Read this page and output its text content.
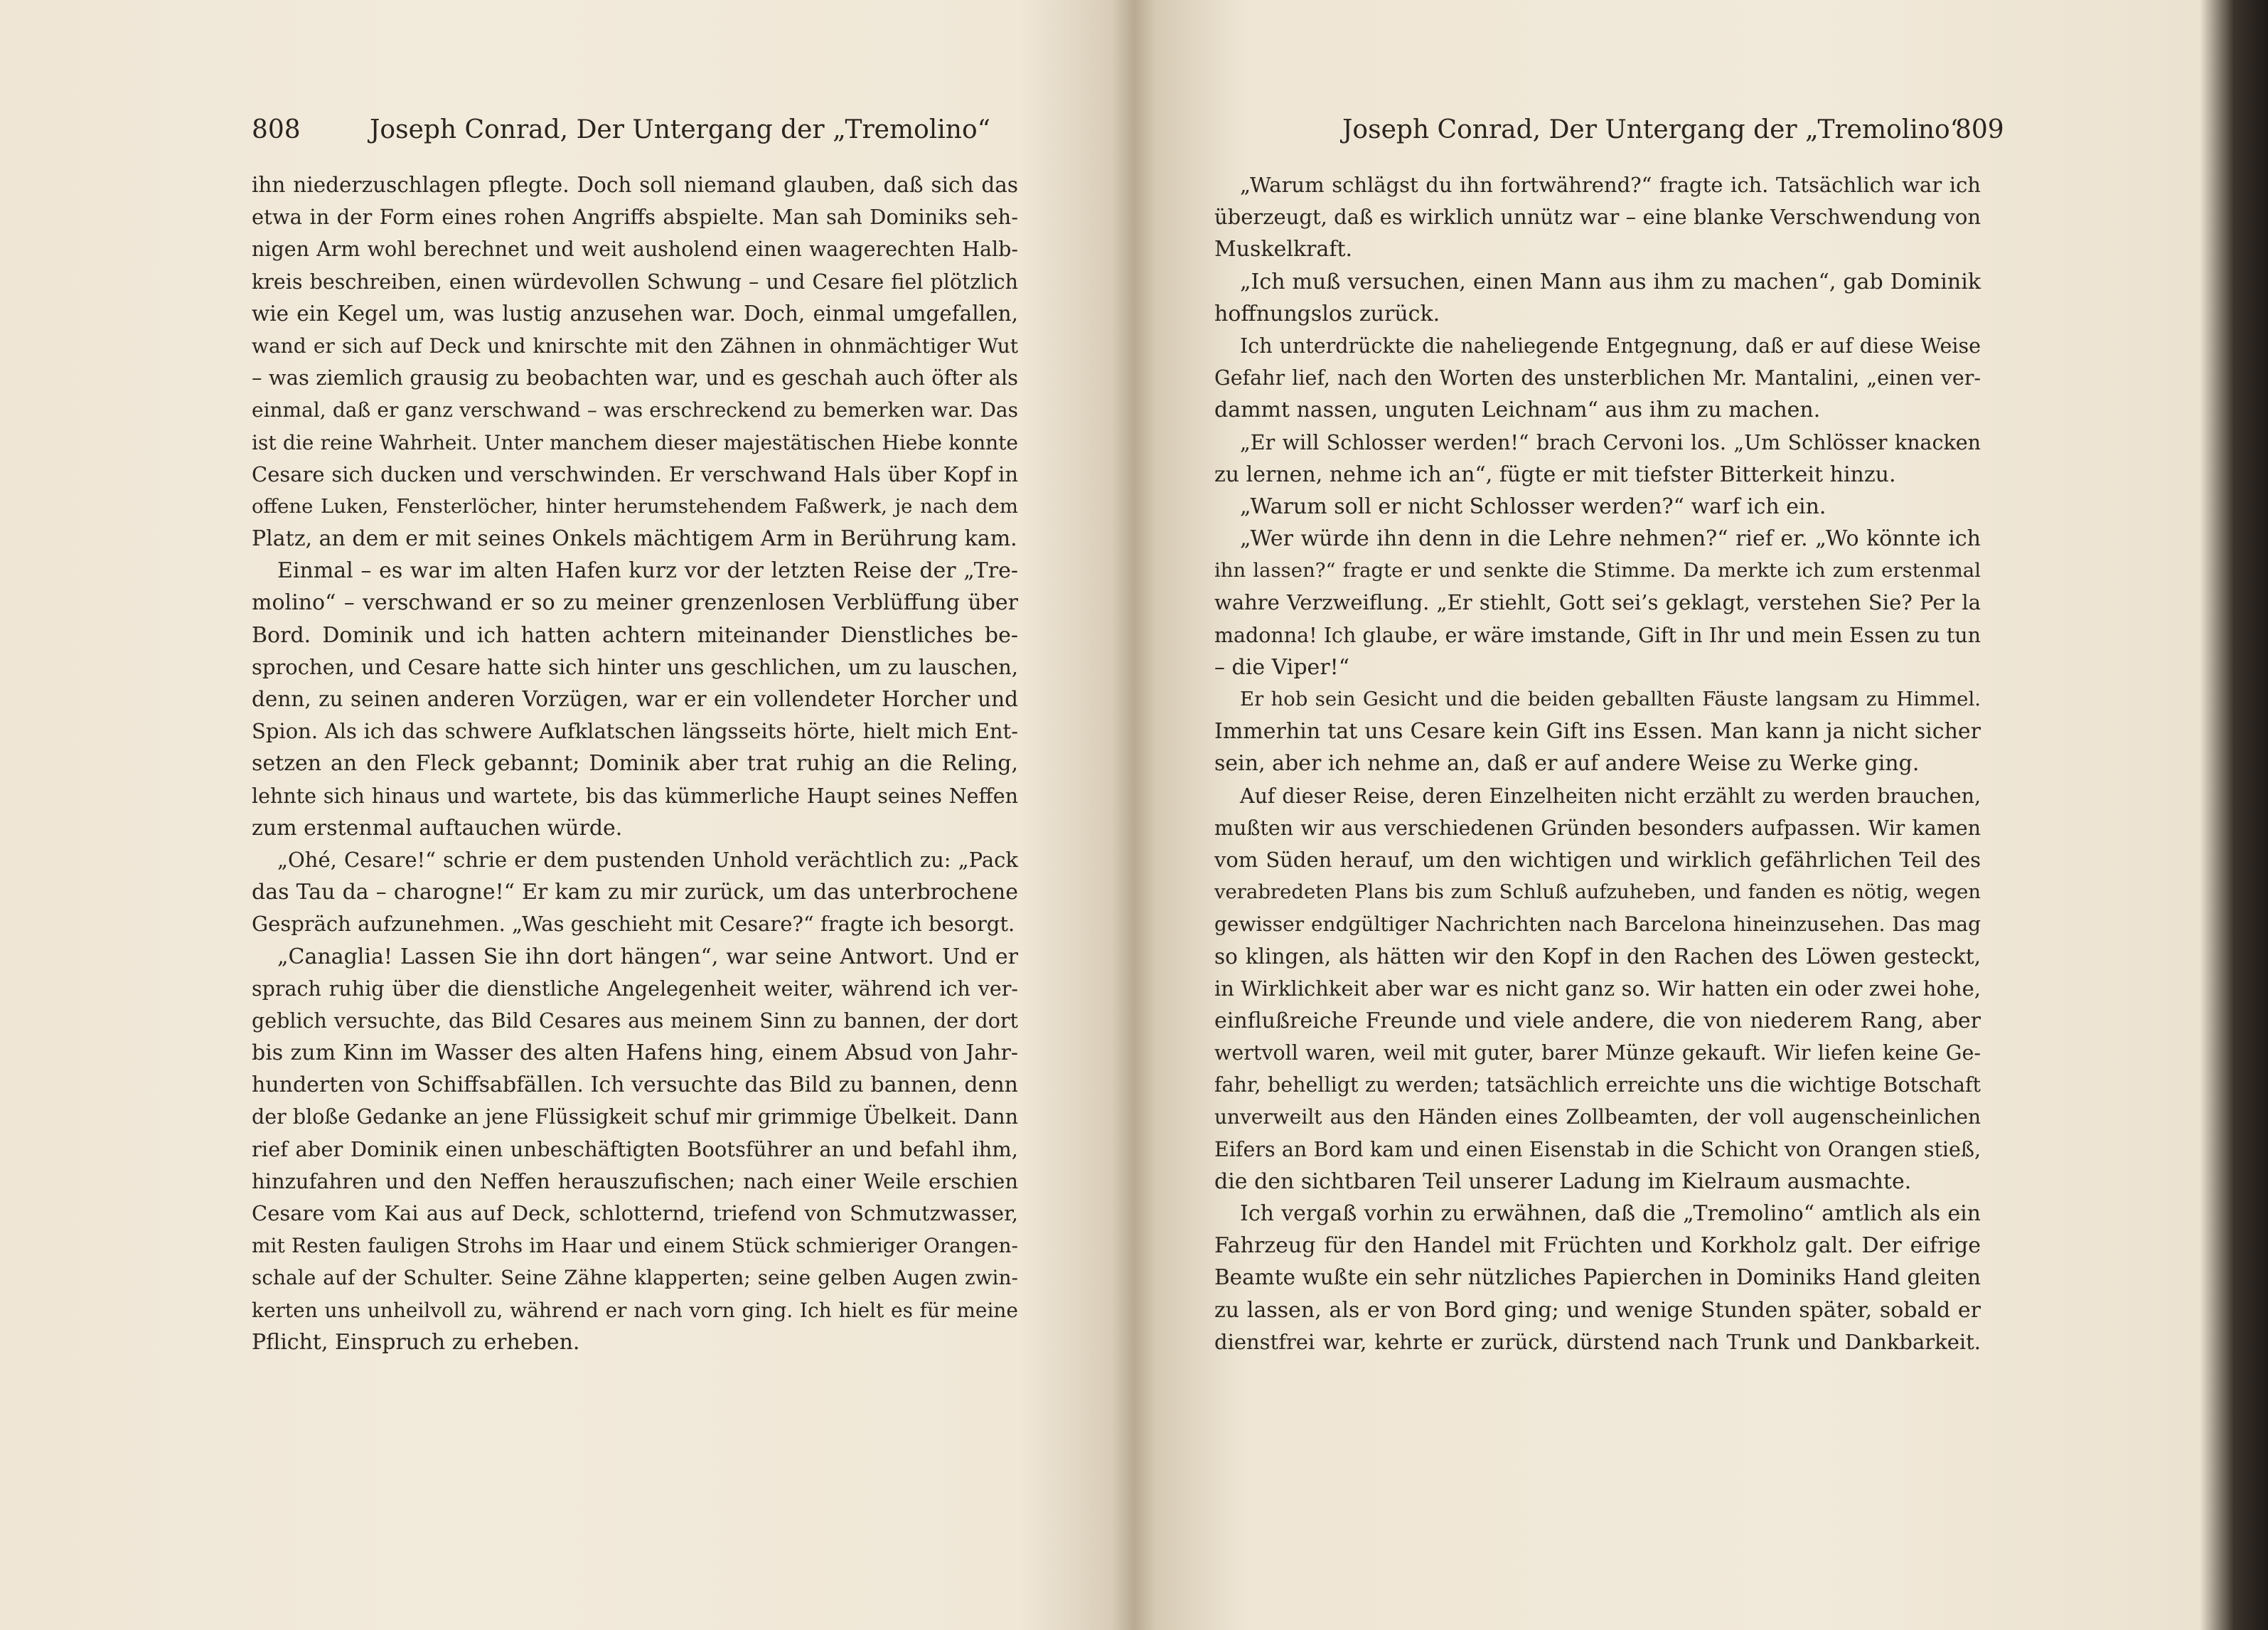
808	Joseph Conrad, Der Untergang der „Tremolino“
ihn niederzuschlagen pflegte. Doch soll niemand glauben, daß sich das
etwa in der Form eines rohen Angriffs abspielte. Man sah Dominiks seh-
nigen Arm wohl berechnet und weit ausholend einen waagerechten Halb-
kreis beschreiben, einen würdevollen Schwung – und Cesare fiel plötzlich
wie ein Kegel um, was lustig anzusehen war. Doch, einmal umgefallen,
wand er sich auf Deck und knirschte mit den Zähnen in ohnmächtiger Wut
– was ziemlich grausig zu beobachten war, und es geschah auch öfter als
einmal, daß er ganz verschwand – was erschreckend zu bemerken war. Das
ist die reine Wahrheit. Unter manchem dieser majestätischen Hiebe konnte
Cesare sich ducken und verschwinden. Er verschwand Hals über Kopf in
offene Luken, Fensterlöcher, hinter herumstehendem Faßwerk, je nach dem
Platz, an dem er mit seines Onkels mächtigem Arm in Berührung kam.
Einmal – es war im alten Hafen kurz vor der letzten Reise der „Tre-
molino“ – verschwand er so zu meiner grenzenlosen Verblüffung über
Bord. Dominik und ich hatten achtern miteinander Dienstliches be-
sprochen, und Cesare hatte sich hinter uns geschlichen, um zu lauschen,
denn, zu seinen anderen Vorzügen, war er ein vollendeter Horcher und
Spion. Als ich das schwere Aufklatschen längsseits hörte, hielt mich Ent-
setzen an den Fleck gebannt; Dominik aber trat ruhig an die Reling,
lehnte sich hinaus und wartete, bis das kümmerliche Haupt seines Neffen
zum erstenmal auftauchen würde.
„Ohé, Cesare!“ schrie er dem pustenden Unhold verächtlich zu: „Pack
das Tau da – charogne!“ Er kam zu mir zurück, um das unterbrochene
Gespräch aufzunehmen. „Was geschieht mit Cesare?“ fragte ich besorgt.
„Canaglia! Lassen Sie ihn dort hängen“, war seine Antwort. Und er
sprach ruhig über die dienstliche Angelegenheit weiter, während ich ver-
geblich versuchte, das Bild Cesares aus meinem Sinn zu bannen, der dort
bis zum Kinn im Wasser des alten Hafens hing, einem Absud von Jahr-
hunderten von Schiffsabfällen. Ich versuchte das Bild zu bannen, denn
der bloße Gedanke an jene Flüssigkeit schuf mir grimmige Übelkeit. Dann
rief aber Dominik einen unbeschäftigten Bootsführer an und befahl ihm,
hinzufahren und den Neffen herauszufischen; nach einer Weile erschien
Cesare vom Kai aus auf Deck, schlotternd, triefend von Schmutzwasser,
mit Resten fauligen Strohs im Haar und einem Stück schmieriger Orangen-
schale auf der Schulter. Seine Zähne klapperten; seine gelben Augen zwin-
kerten uns unheilvoll zu, während er nach vorn ging. Ich hielt es für meine
Pflicht, Einspruch zu erheben.
Joseph Conrad, Der Untergang der „Tremolino“
809
„Warum schlägst du ihn fortwährend?“ fragte ich. Tatsächlich war ich
überzeugt, daß es wirklich unnütz war – eine blanke Verschwendung von
Muskelkraft.
„Ich muß versuchen, einen Mann aus ihm zu machen“, gab Dominik
hoffnungslos zurück.
Ich unterdrückte die naheliegende Entgegnung, daß er auf diese Weise
Gefahr lief, nach den Worten des unsterblichen Mr. Mantalini, „einen ver-
dammt nassen, unguten Leichnam“ aus ihm zu machen.
„Er will Schlosser werden!“ brach Cervoni los. „Um Schlösser knacken
zu lernen, nehme ich an“, fügte er mit tiefster Bitterkeit hinzu.
„Warum soll er nicht Schlosser werden?“ warf ich ein.
„Wer würde ihn denn in die Lehre nehmen?“ rief er. „Wo könnte ich
ihn lassen?“ fragte er und senkte die Stimme. Da merkte ich zum erstenmal
wahre Verzweiflung. „Er stiehlt, Gott sei’s geklagt, verstehen Sie? Per la
madonna! Ich glaube, er wäre imstande, Gift in Ihr und mein Essen zu tun
– die Viper!“
Er hob sein Gesicht und die beiden geballten Fäuste langsam zu Himmel.
Immerhin tat uns Cesare kein Gift ins Essen. Man kann ja nicht sicher
sein, aber ich nehme an, daß er auf andere Weise zu Werke ging.
Auf dieser Reise, deren Einzelheiten nicht erzählt zu werden brauchen,
mußten wir aus verschiedenen Gründen besonders aufpassen. Wir kamen
vom Süden herauf, um den wichtigen und wirklich gefährlichen Teil des
verabredeten Plans bis zum Schluß aufzuheben, und fanden es nötig, wegen
gewisser endgültiger Nachrichten nach Barcelona hineinzusehen. Das mag
so klingen, als hätten wir den Kopf in den Rachen des Löwen gesteckt,
in Wirklichkeit aber war es nicht ganz so. Wir hatten ein oder zwei hohe,
einflußreiche Freunde und viele andere, die von niederem Rang, aber
wertvoll waren, weil mit guter, barer Münze gekauft. Wir liefen keine Ge-
fahr, behelligt zu werden; tatsächlich erreichte uns die wichtige Botschaft
unverweilt aus den Händen eines Zollbeamten, der voll augenscheinlichen
Eifers an Bord kam und einen Eisenstab in die Schicht von Orangen stieß,
die den sichtbaren Teil unserer Ladung im Kielraum ausmachte.
Ich vergaß vorhin zu erwähnen, daß die „Tremolino“ amtlich als ein
Fahrzeug für den Handel mit Früchten und Korkholz galt. Der eifrige
Beamte wußte ein sehr nützliches Papierchen in Dominiks Hand gleiten
zu lassen, als er von Bord ging; und wenige Stunden später, sobald er
dienstfrei war, kehrte er zurück, dürstend nach Trunk und Dankbarkeit.
